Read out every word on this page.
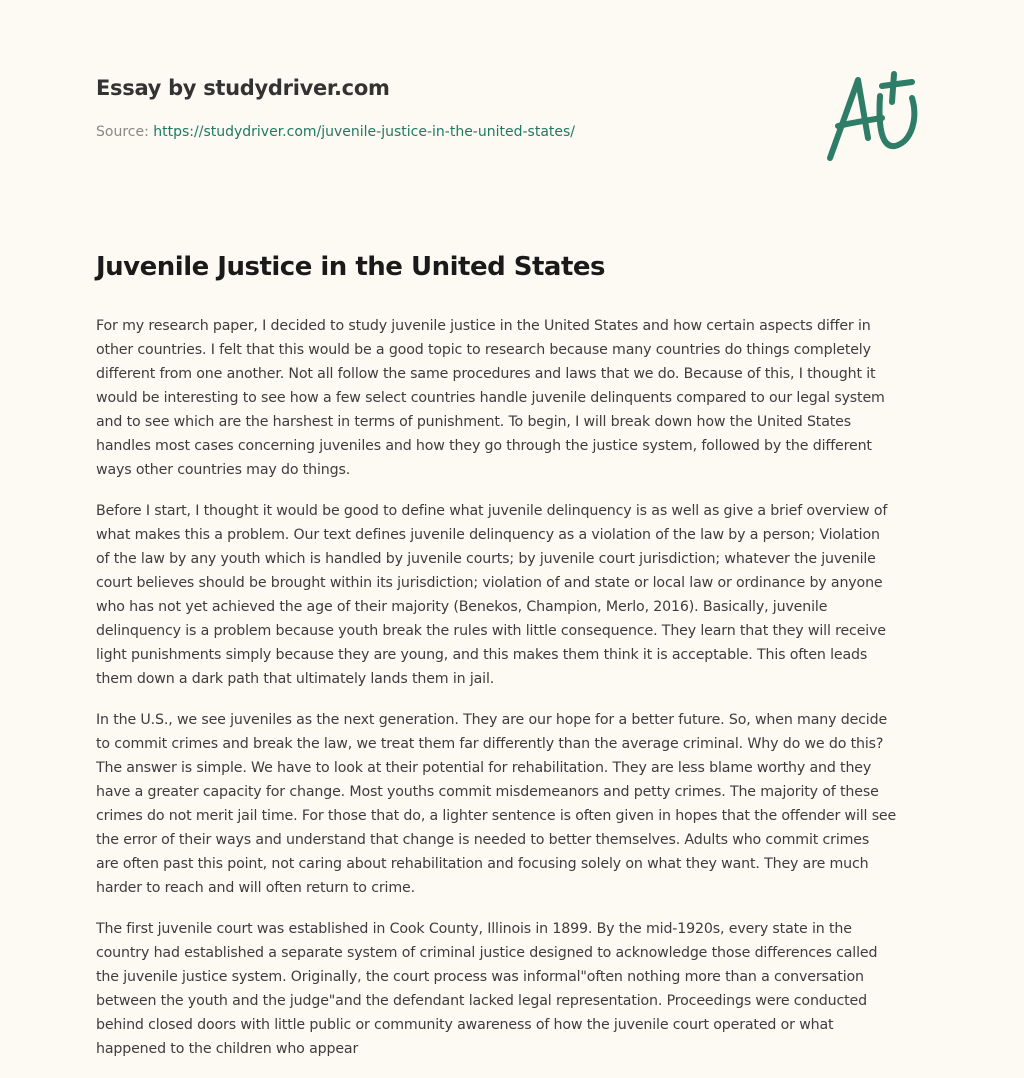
Essay by studydriver.com
Source: https://studydriver.com/juvenile-justice-in-the-united-states/
Juvenile Justice in the United States

For my research paper, I decided to study juvenile justice in the United States and how certain aspects differ in
other countries. I felt that this would be a good topic to research because many countries do things completely
different from one another. Not all follow the same procedures and laws that we do. Because of this, I thought it
would be interesting to see how a few select countries handle juvenile delinquents compared to our legal system
and to see which are the harshest in terms of punishment. To begin, I will break down how the United States
handles most cases concerning juveniles and how they go through the justice system, followed by the different
ways other countries may do things.

Before I start, I thought it would be good to define what juvenile delinquency is as well as give a brief overview of
what makes this a problem. Our text defines juvenile delinquency as a violation of the law by a person; Violation
of the law by any youth which is handled by juvenile courts; by juvenile court jurisdiction; whatever the juvenile
court believes should be brought within its jurisdiction; violation of and state or local law or ordinance by anyone
who has not yet achieved the age of their majority (Benekos, Champion, Merlo, 2016). Basically, juvenile
delinquency is a problem because youth break the rules with little consequence. They learn that they will receive
light punishments simply because they are young, and this makes them think it is acceptable. This often leads
them down a dark path that ultimately lands them in jail.

In the U.S., we see juveniles as the next generation. They are our hope for a better future. So, when many decide
to commit crimes and break the law, we treat them far differently than the average criminal. Why do we do this?
The answer is simple. We have to look at their potential for rehabilitation. They are less blame worthy and they
have a greater capacity for change. Most youths commit misdemeanors and petty crimes. The majority of these
crimes do not merit jail time. For those that do, a lighter sentence is often given in hopes that the offender will see
the error of their ways and understand that change is needed to better themselves. Adults who commit crimes
are often past this point, not caring about rehabilitation and focusing solely on what they want. They are much
harder to reach and will often return to crime.

The first juvenile court was established in Cook County, Illinois in 1899. By the mid-1920s, every state in the
country had established a separate system of criminal justice designed to acknowledge those differences called
the juvenile justice system. Originally, the court process was informal"often nothing more than a conversation
between the youth and the judge"and the defendant lacked legal representation. Proceedings were conducted
behind closed doors with little public or community awareness of how the juvenile court operated or what
happened to the children who appear
